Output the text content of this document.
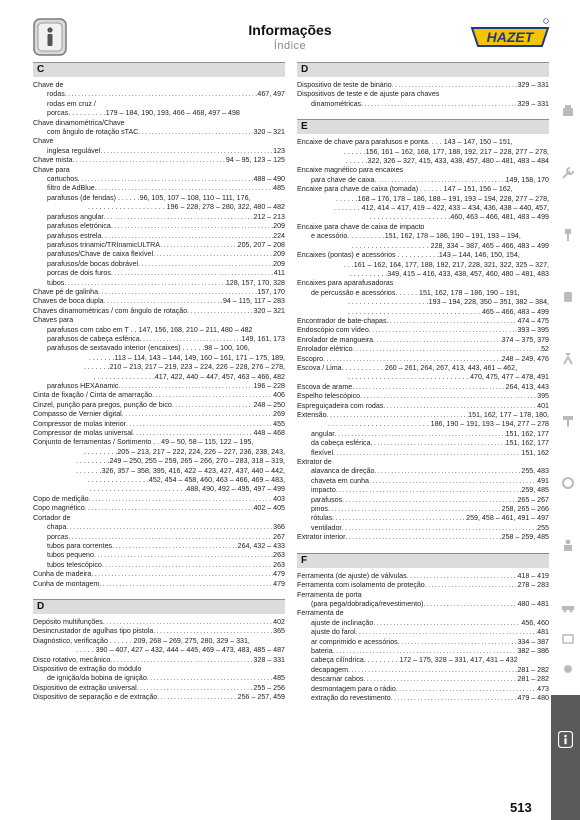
Informações
Índice
HAZET
C
Chave de
rodas . . .	467, 497
rodas em cruz /
porcas. . . . . . . . . . 179 – 184, 190, 193, 466 – 468, 497 – 498
Chave dinamométrica/Chave
com ângulo de rotação sTAC . . .	320 – 321
Chave
inglesa regulável . . .	123
Chave mista . . .	94 – 95, 123 – 125
Chave para
cartuchos . . .	488 – 490
filtro de AdBlue . . .	485
parafusos (de fendas) . . . . . .96, 105, 107 – 108, 110 – 111, 176,
. . . . . . . . . . . . . . . . . . . . 196 – 228, 278 – 280, 322, 480 – 482
parafusos angular . . .	212 – 213
parafusos eletrónica . . .	209
parafusos estrela . . .	224
parafusos trinamic/TRInamicULTRA . . .	205, 207 – 208
parafusos/Chave de caixa flexível . . .	209
parafusos/de bocas dobrável . . .	209
porcas de dois furos . . .	411
tubos . . .	128, 157, 170, 328
Chave pé de galinha . . .	157, 170
Chaves de boca dupla . . .	94 – 115, 117 – 283
Chaves dinamométricas / com ângulo de rotação . . .	320 – 321
Chaves para
parafusos com cabo em T . . 147, 156, 168, 210 – 211, 480 – 482
parafusos de cabeça esférica . . .	149, 161, 173
parafusos de sextavado interior (encaixes) . . . . . .98 – 100, 106,
. . . . . . .113 – 114, 143 – 144, 149, 160 – 161, 171 – 175, 189,
. . . . . . .210 – 213, 217 – 219, 223 – 224, 226 – 228, 276 – 278,
. . . . . . . . . . . . . . . .417, 422, 440 – 447, 457, 463 – 466, 482
parafusos HEXAnamic . . .	196 – 228
Cinta de fixação / Cinta de amarração . . .	406
Cinzel, punção para pregos, punção de bico . . .	248 – 250
Compasso de Vernier digital . . .	269
Compressor de molas interior . . .	455
Compressor de molas universal . . .	448 – 468
Conjunto de ferramentas / Sortimento . . 49 – 50, 58 – 115, 122 – 195,
. . . . . . . . .205 – 213, 217 – 222, 224, 226 – 227, 236, 238, 243,
. . . . . . . . .249 – 250, 255 – 259, 265 – 266, 270 – 283, 318 – 319,
. . . . . . .326, 357 – 358, 395, 416, 422 – 423, 427, 437, 440 – 442,
. . . . . . . . . . . . . . . .452, 454 – 458, 460, 463 – 466, 469 – 483,
. . . . . . . . . . . . . . . . . . . . . . . . .488, 490, 492 – 495, 497 – 499
Copo de medição . . .	403
Copo magnético . . .	402 – 405
Cortador de
chapa . . .	366
porcas . . .	267
tubos para correntes . . .	264, 432 – 433
tubos pequeno . . .	263
tubos telescópico . . .	263
Cunha de madeira . . .	479
Cunha de montagem . . .	479
D
Depósito multifunções . . .	402
Desincrustador de agulhas tipo pistola . . .	365
Diagnóstico, verificação . . . . . . 209, 268 – 269, 275, 280, 329 – 331,
. . . . . 390 – 407, 427 – 432, 444 – 445, 469 – 473, 483, 485 – 487
Disco rotativo, mecânico . . .	328 – 331
Dispositivo de extração do módulo
de ignição/da bobina de ignição . . .	485
Dispositivo de extração universal . . .	255 – 256
Dispositivo de separação e de extração . . .	256 – 257, 459
D
Dispositivo de teste de binário . . .	329 – 331
Dispositivos de teste e de ajuste para chaves
dinamométricas . . .	329 – 331
E
Encaixe de chave para parafusos e ponta. . . . 143 – 147, 150 – 151,
. . . . . .156, 161 – 162, 168, 177, 188, 192, 217 – 228, 277 – 278,
. . . . . .322, 326 – 327, 415, 433, 438, 457, 480 – 481, 483 – 484
Encaixe magnético para encaixes
para chave de caixa . . .	149, 158, 170
Encaixe para chave de caixa (tomada) . . . . . . 147 – 151, 156 – 162,
. . . . . .168 – 176, 178 – 186, 188 – 191, 193 – 194, 228, 277 – 278,
. . . . . . . 412, 414 – 417, 419 – 422, 433 – 434, 436, 438 – 440, 457,
. . . . . . . . . . . . . . . . . . . . .460, 463 – 466, 481, 483 – 499
Encaixe para chave de caixa de impacto
e acessório. . . . . . . . . .151, 162, 178 – 186, 190 – 191, 193 – 194,
. . . . . . . . . . . . . . . . . . . . 228, 334 – 387, 465 – 466, 483 – 499
Encaixes (pontas) e acessórios . . . . . . . . . . .143 – 144, 146, 150, 154,
. . .161 – 162, 164, 177, 188, 192, 217, 228, 321, 322, 325 – 327,
. . . . . . . . . .349, 415 – 416, 433, 438, 457, 460, 480 – 481, 483
Encaixes para aparafusadoras
de percussão e acessórios. . . . . . 151, 162, 178 – 186, 190 – 191,
. . . . . . . . . . . . . . . . . . . . .193 – 194, 228, 350 – 351, 382 – 384,
. . . . . . . . . . . . . . . . . . . . . . . . . . . . . . . . . . 465 – 466, 483 – 499
Encontrador de bate-chapas . . .	474 – 475
Endoscópio com vídeo . . .	393 – 395
Enrolador de mangueira . . .	374 – 375, 379
Enrolador elétrico . . .	52
Escopro . . .	248 – 249, 476
Escova / Lima. . . . . . . . . . . 260 – 261, 264, 267, 413, 443, 461 – 462,
. . . . . . . . . . . . . . . . . . . . . . . . . . . . . . . 470, 475, 477 – 478, 491
Escova de arame . . .	264, 413, 443
Espelho telescópico . . .	395
Espreguiçadeira com rodas . . .	401
Extensão . . .	151, 162, 177 – 178, 180,
. . . . . . . . . . . . . . . . . . . . . . . . . . 186, 190 – 191, 193 – 194, 277 – 278
angular . . .	151, 162, 177
da cabeça esférica . . .	151, 162, 177
flexível . . .	151, 162
Extrator de
alavanca de direção . . .	255, 483
chaveta em cunha . . .	491
impacto . . .	259, 485
parafusos . . .	265 – 267
pinos . . .	258, 265 – 266
rótulas . . .	259, 458 – 461, 491 – 497
ventilador . . .	255
Extrator interior . . .	258 – 259, 485
F
Ferramenta (de ajuste) de válvulas . . .	418 – 419
Ferramenta com isolamento de proteção . . .	278 – 283
Ferramenta de porta
(para pega/dobradiça/revestimento) . . .	480 – 481
Ferramenta de
ajuste de inclinação . . .	456, 460
ajuste do farol . . .	481
ar comprimido e acessórios . . .	334 – 387
bateria . . .	382 – 386
cabeça cilíndrica. . . . . . . . . 172 – 175, 328 – 331, 417, 431 – 432
decapagem . . .	281 – 282
descarnar cabos . . .	281 – 282
desmontagem para o rádio . . .	473
extração do revestimento . . .	479 – 480
513
